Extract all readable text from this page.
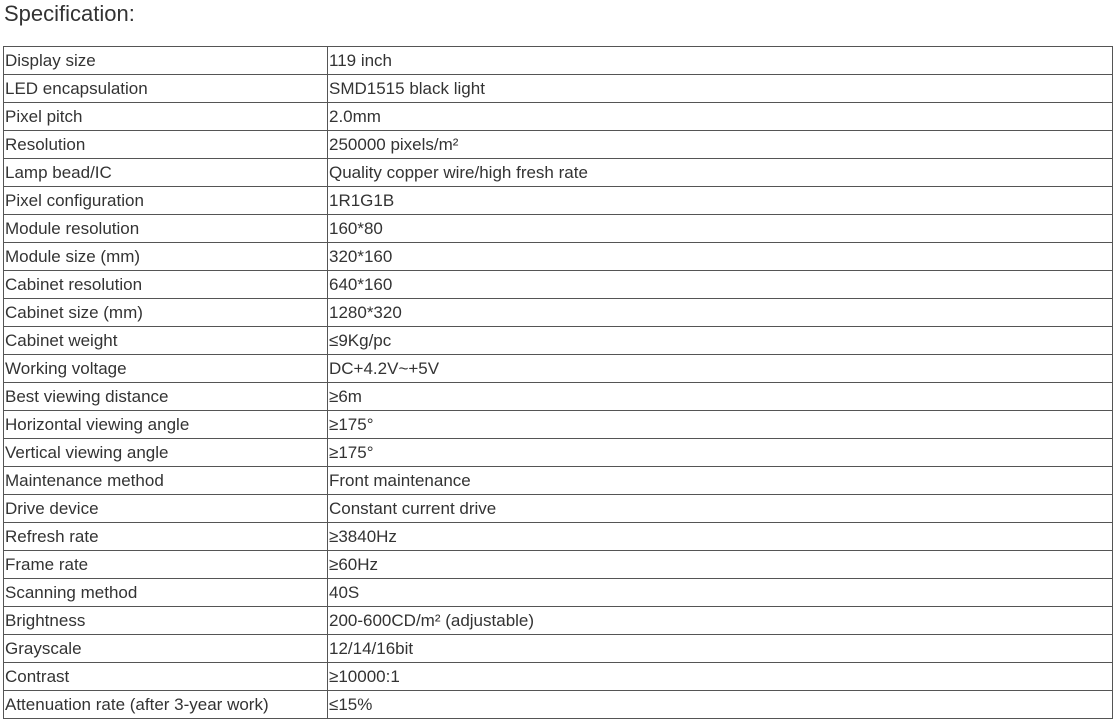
Specification:
Display size	119 inch
LED encapsulation	SMD1515 black light
Pixel pitch	2.0mm
Resolution	250000 pixels/m²
Lamp bead/IC	Quality copper wire/high fresh rate
Pixel configuration	1R1G1B
Module resolution	160*80
Module size (mm)	320*160
Cabinet resolution	640*160
Cabinet size (mm)	1280*320
Cabinet weight	≤9Kg/pc
Working voltage	DC+4.2V~+5V
Best viewing distance	≥6m
Horizontal viewing angle	≥175°
Vertical viewing angle	≥175°
Maintenance method	Front maintenance
Drive device	Constant current drive
Refresh rate	≥3840Hz
Frame rate	≥60Hz
Scanning method	40S
Brightness	200-600CD/m² (adjustable)
Grayscale	12/14/16bit
Contrast	≥10000:1
Attenuation rate (after 3-year work)	≤15%
